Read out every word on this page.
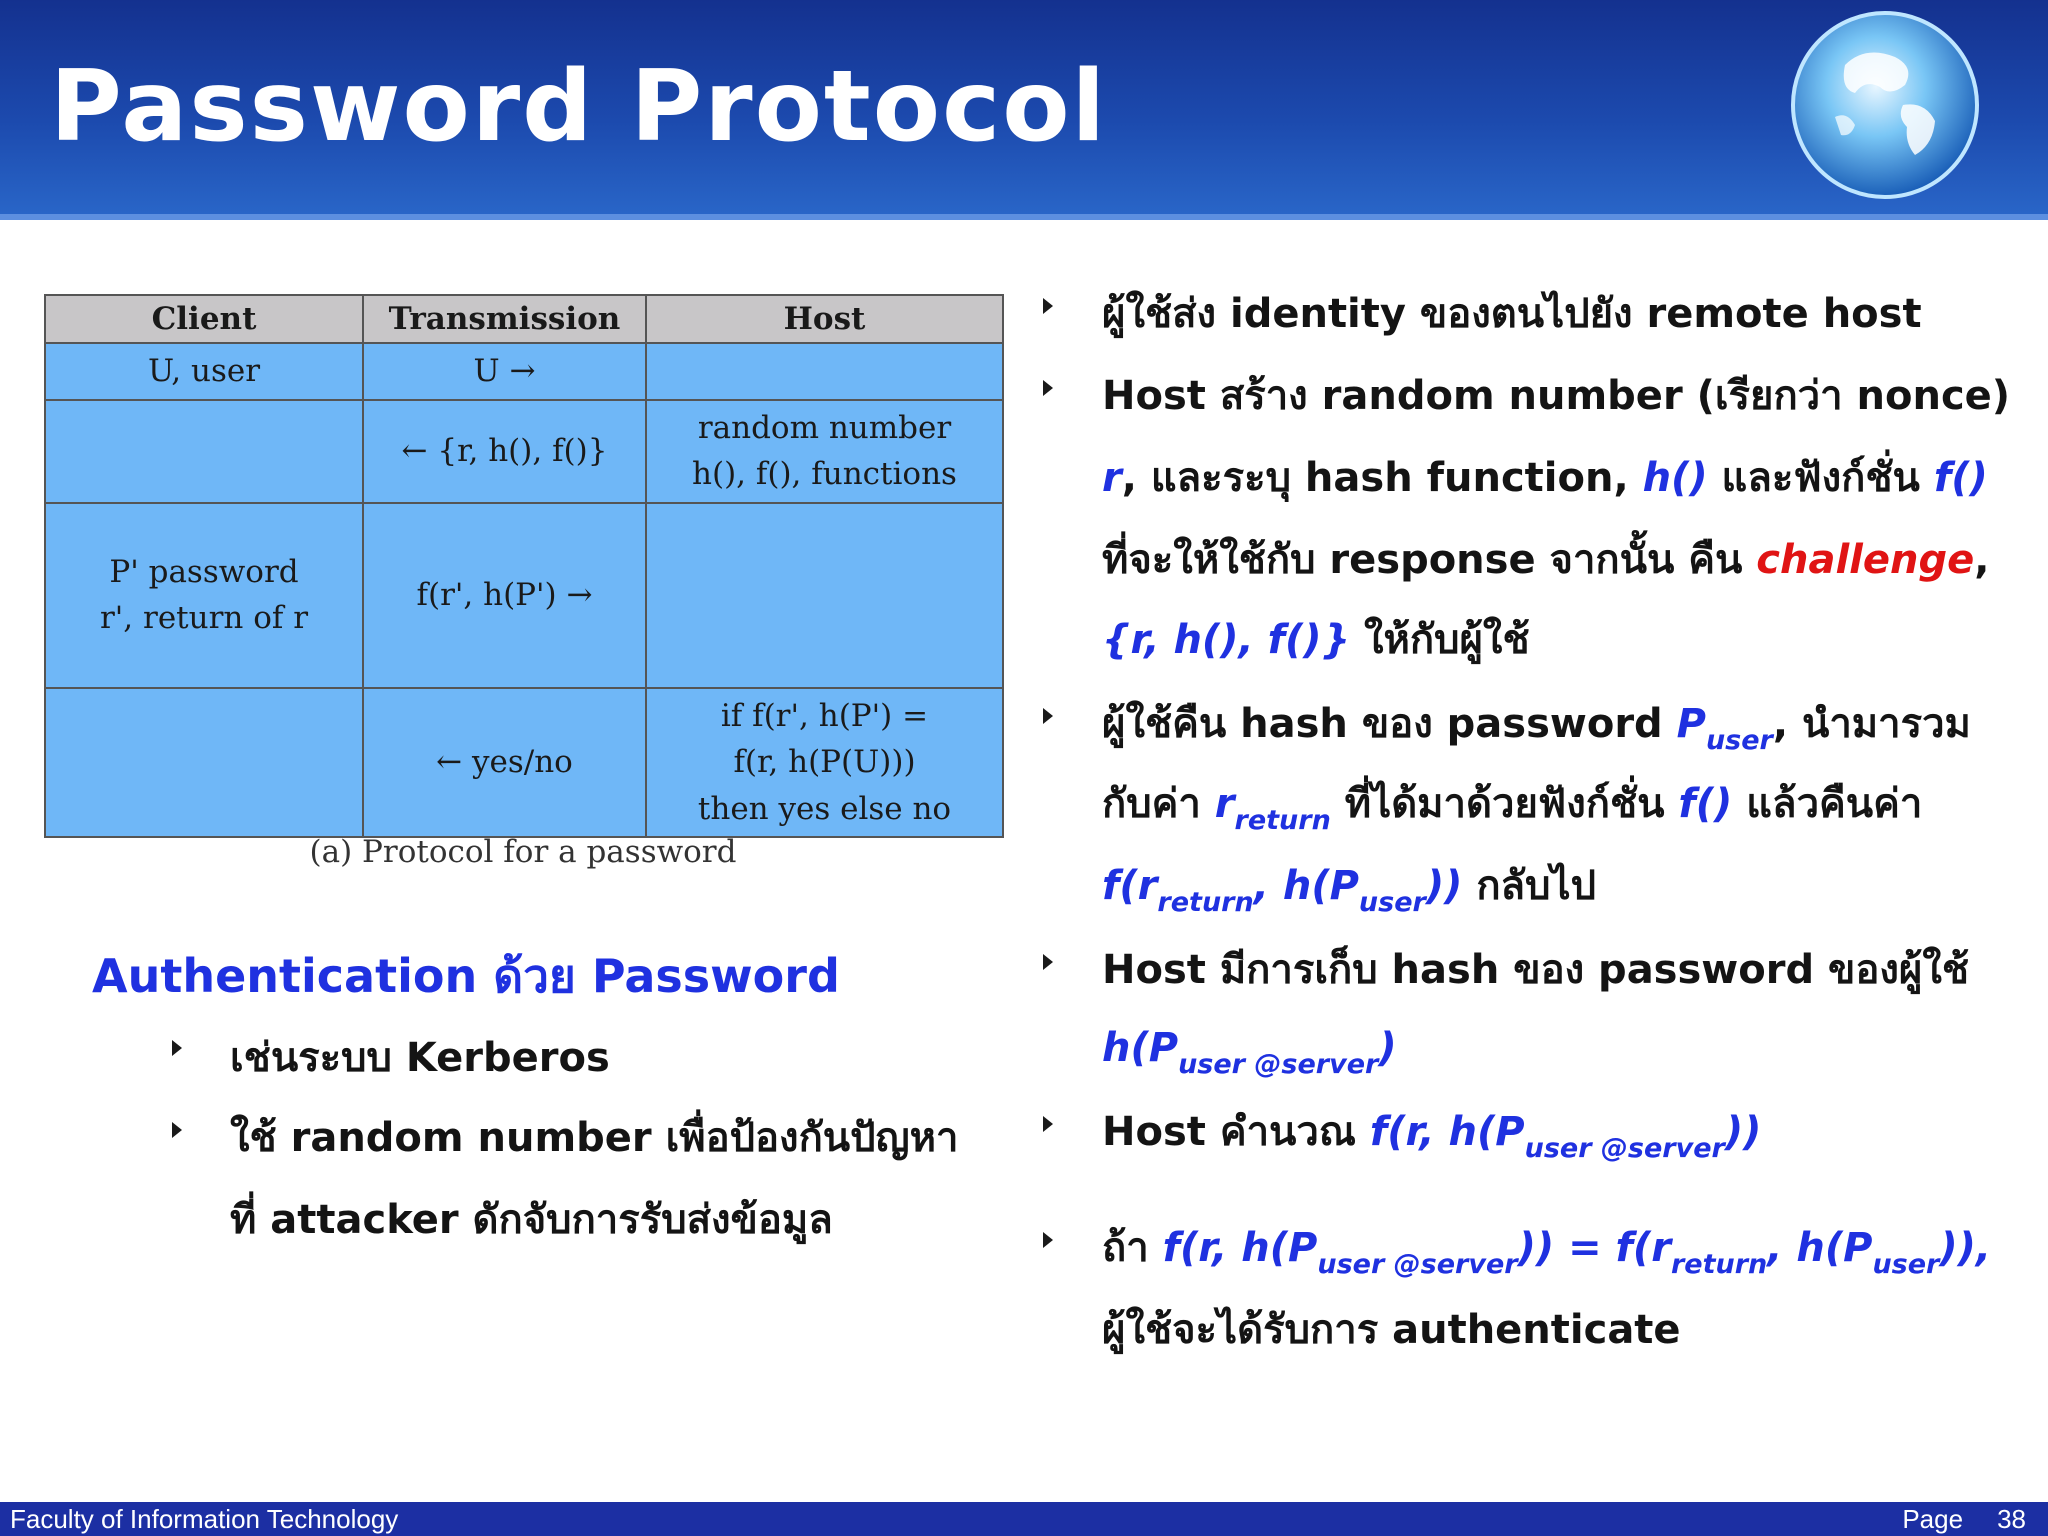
Password Protocol
Client	Transmission	Host

U, user	U →	

	← {r, h(), f()}	random number
h(), f(), functions

P' password
r', return of r	f(r', h(P') →	

	← yes/no	if f(r', h(P') =
f(r, h(P(U)))
then yes else no
(a) Protocol for a password
Authentication ด้วย Password
เช่นระบบ Kerberos
ใช้ random number เพื่อป้องกันปัญหา
ที่ attacker ดักจับการรับส่งข้อมูล
ผู้ใช้ส่ง identity ของตนไปยัง remote host
Host สร้าง random number (เรียกว่า nonce)
r, และระบุ hash function, h() และฟังก์ชั่น f()
ที่จะให้ใช้กับ response จากนั้น คืน challenge,
{r, h(), f()} ให้กับผู้ใช้
ผู้ใช้คืน hash ของ password $P_{user}$, นำมารวม
กับค่า $r_{return}$ ที่ได้มาด้วยฟังก์ชั่น f() แล้วคืนค่า
$f(r_{return}$, $h(P_{user})$) กลับไป
Host มีการเก็บ hash ของ password ของผู้ใช้
$h(P_{user @server})$
Host คำนวณ f(r, $h(P_{user @server})$)
ถ้า f(r, $h(P_{user @server})) = f(r_{return}$, $h(P_{user})$),
ผู้ใช้จะได้รับการ authenticate
Faculty of Information Technology	Page 38
